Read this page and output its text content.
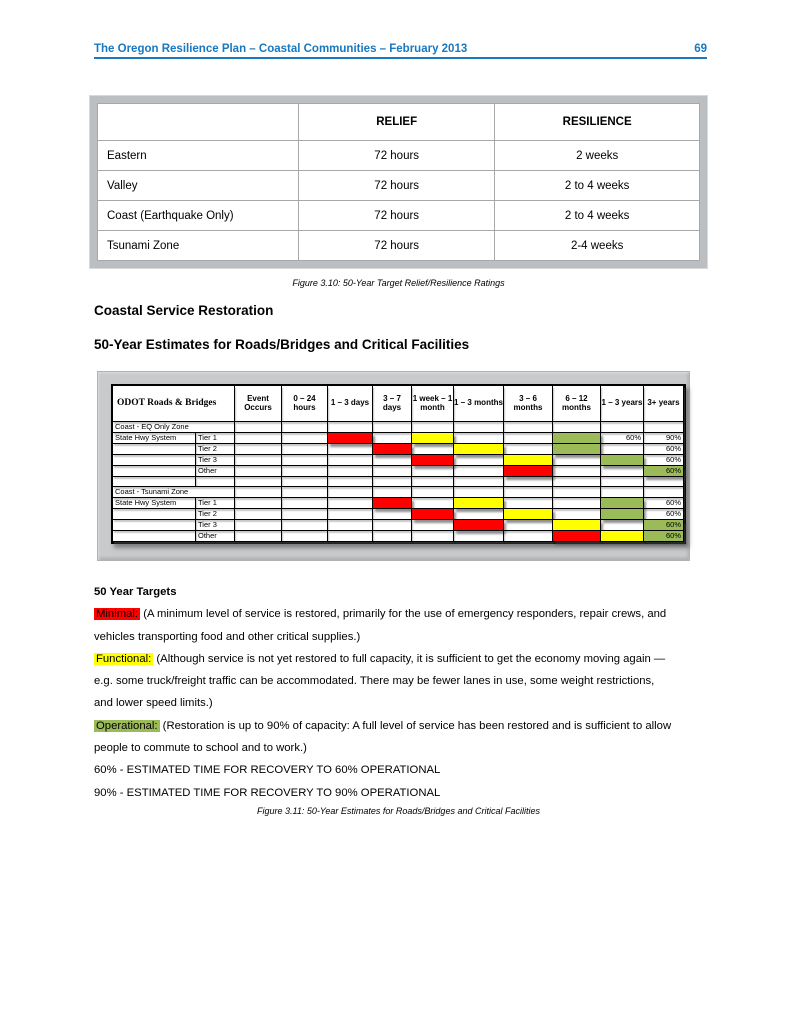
The Oregon Resilience Plan – Coastal Communities – February 2013	69
	RELIEF	RESILIENCE
Eastern	72 hours	2 weeks
Valley	72 hours	2 to 4 weeks
Coast (Earthquake Only)	72 hours	2 to 4 weeks
Tsunami Zone	72 hours	2-4 weeks
Figure 3.10: 50-Year Target Relief/Resilience Ratings
Coastal Service Restoration
50-Year Estimates for Roads/Bridges and Critical Facilities
ODOT Roads & Bridges		Event Occurs	0 – 24 hours	1 – 3 days	3 – 7 days	1 week – 1 month	1 – 3 months	3 – 6 months	6 – 12 months	1 – 3 years	3+ years
Coast - EQ Only Zone											
State Hwy System	Tier 1									60%	90%
	Tier 2										60%
	Tier 3										60%
	Other										60%

Coast - Tsunami Zone											
State Hwy System	Tier 1										60%
	Tier 2										60%
	Tier 3										60%
	Other										60%
50 Year Targets
Minimal: (A minimum level of service is restored, primarily for the use of emergency responders, repair crews, and
vehicles transporting food and other critical supplies.)
Functional: (Although service is not yet restored to full capacity, it is sufficient to get the economy moving again —
e.g. some truck/freight traffic can be accommodated. There may be fewer lanes in use, some weight restrictions,
and lower speed limits.)
Operational: (Restoration is up to 90% of capacity: A full level of service has been restored and is sufficient to allow
people to commute to school and to work.)
60% - ESTIMATED TIME FOR RECOVERY TO 60% OPERATIONAL
90% - ESTIMATED TIME FOR RECOVERY TO 90% OPERATIONAL
Figure 3.11: 50-Year Estimates for Roads/Bridges and Critical Facilities
